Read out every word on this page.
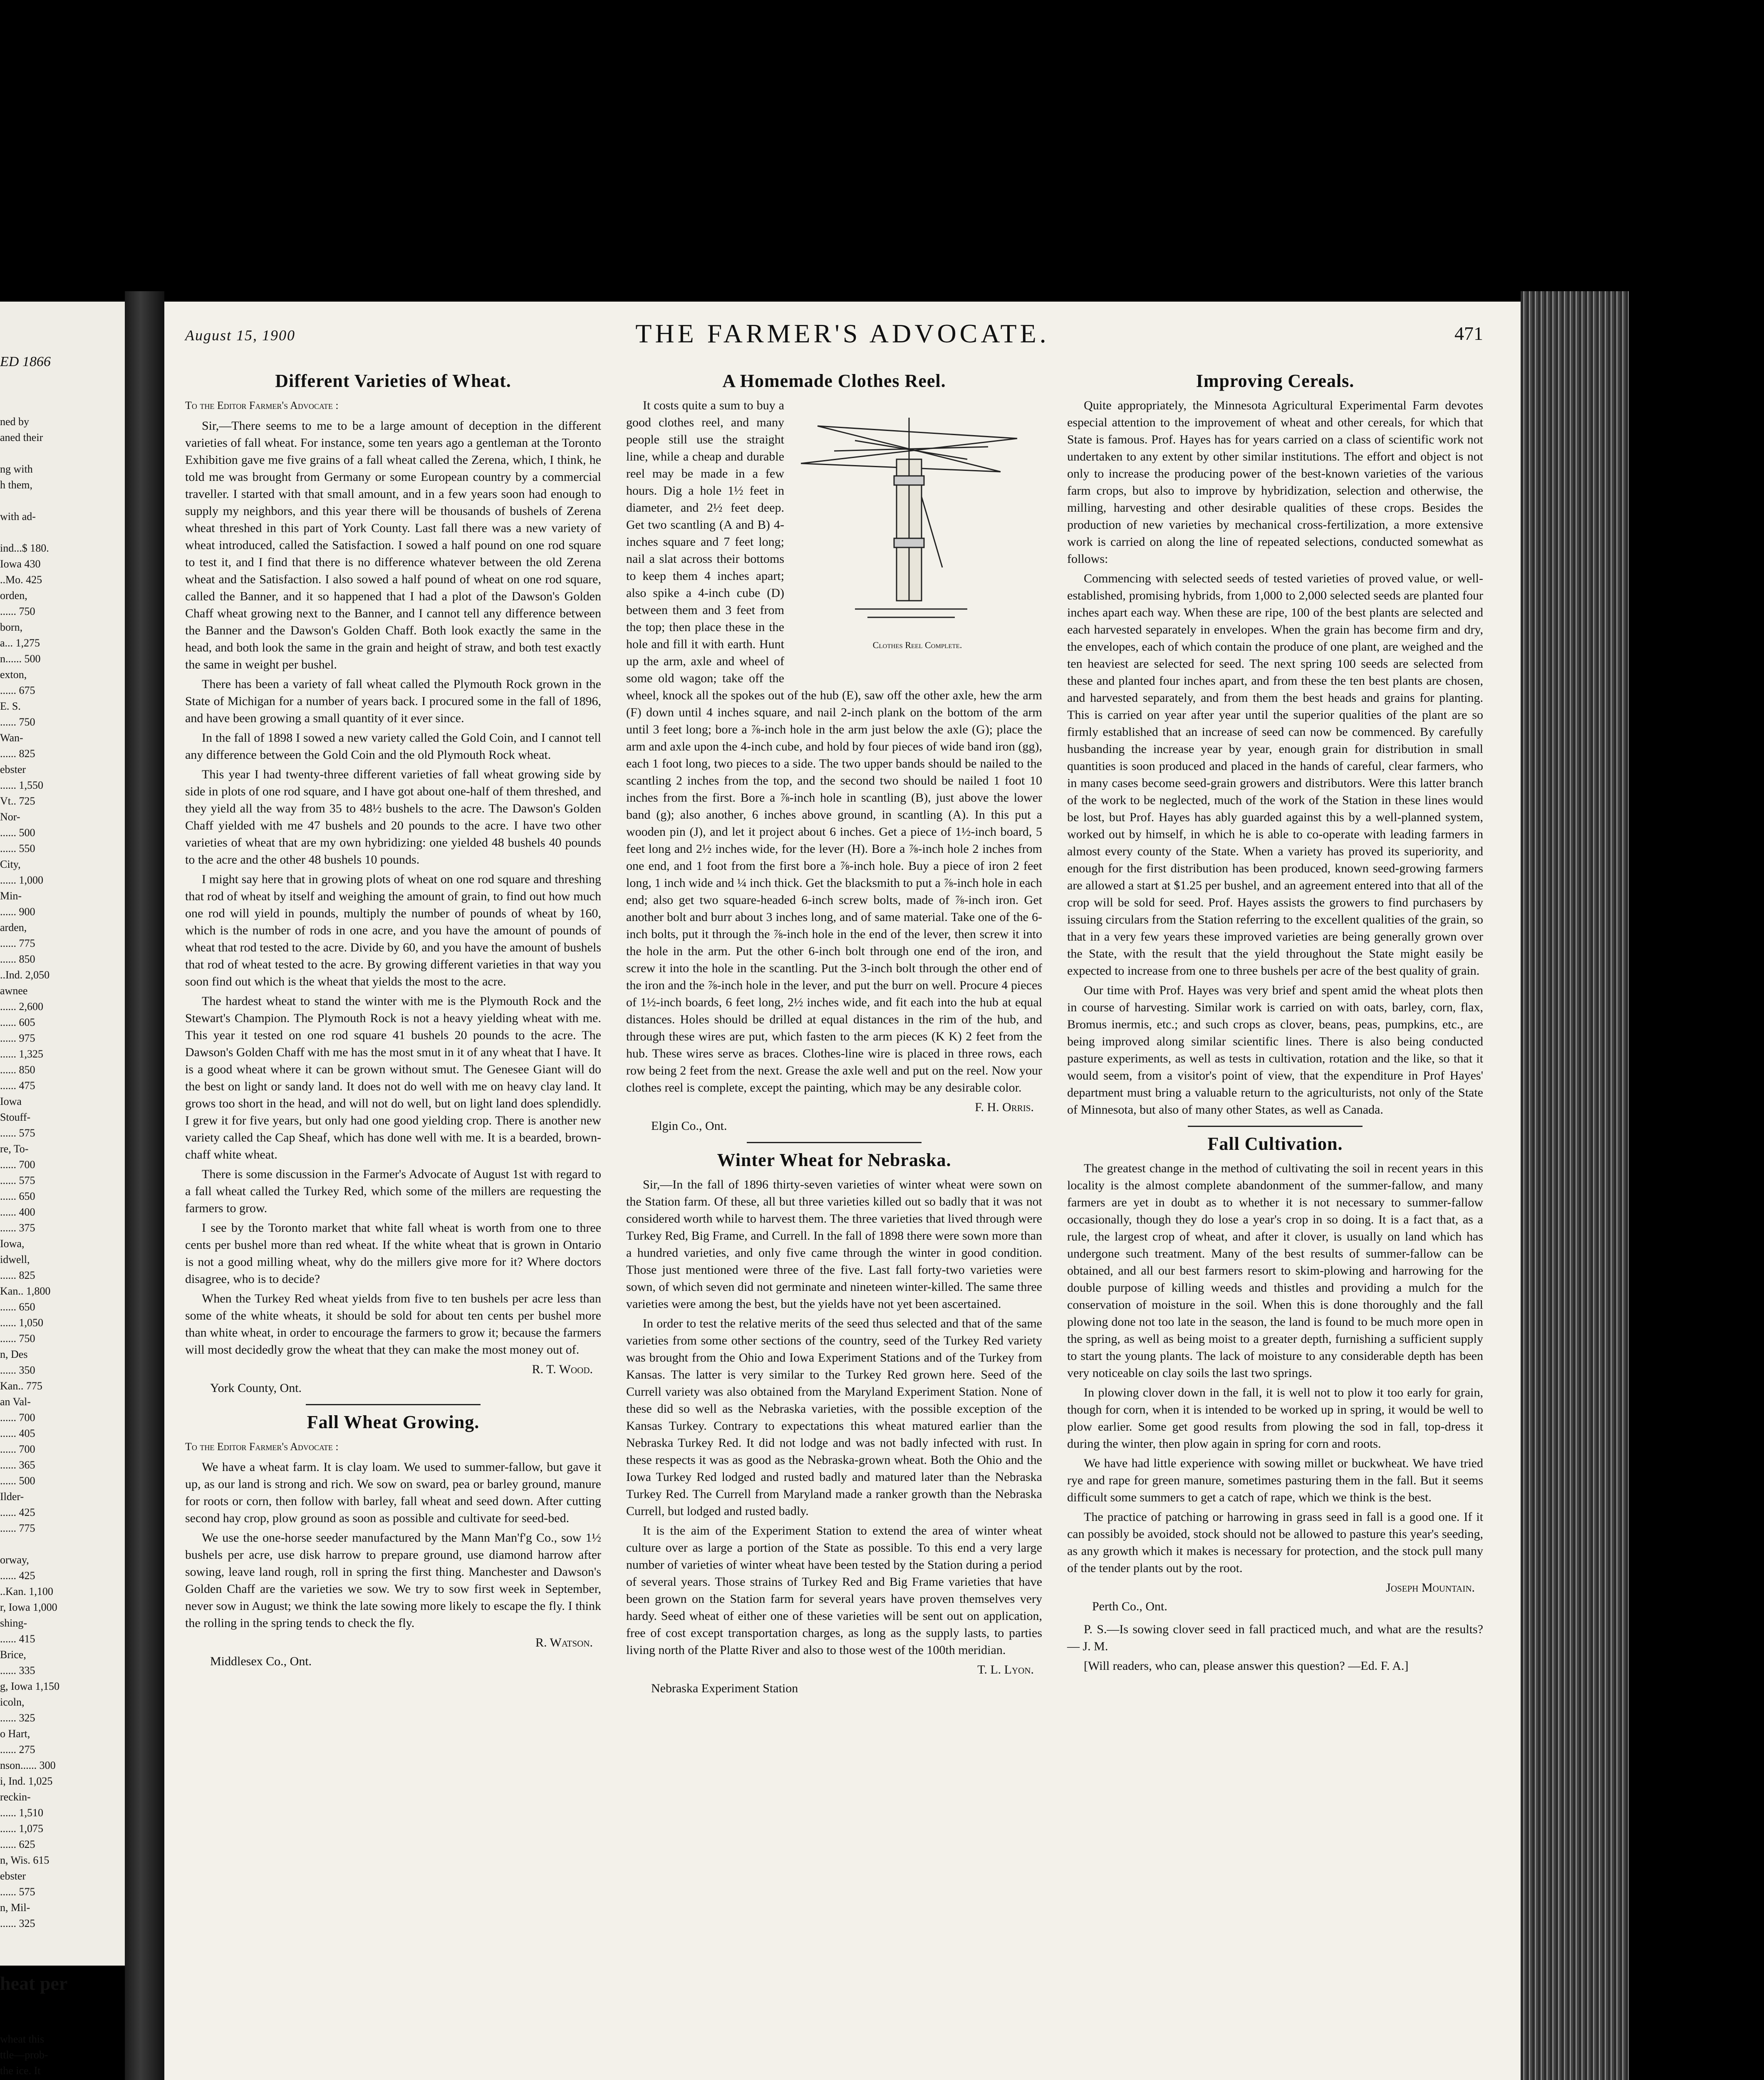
ED 1866

ned by
aned their

ng with
h them,

with ad-

ind...$ 180.
Iowa 430
..Mo. 425
orden,
...... 750
born,
a... 1,275
n...... 500
exton,
...... 675
E. S.
...... 750
Wan-
...... 825
ebster
...... 1,550
Vt.. 725
Nor-
...... 500
...... 550
City,
...... 1,000
Min-
...... 900
arden,
...... 775
...... 850
..Ind. 2,050
awnee
...... 2,600
...... 605
...... 975
...... 1,325
...... 850
...... 475
Iowa
Stouff-
...... 575
re, To-
...... 700
...... 575
...... 650
...... 400
...... 375
Iowa,
idwell,
...... 825
Kan.. 1,800
...... 650
...... 1,050
...... 750
n, Des
...... 350
Kan.. 775
an Val-
...... 700
...... 405
...... 700
...... 365
...... 500
Ilder-
...... 425
...... 775

orway,
...... 425
..Kan. 1,100
r, Iowa 1,000
shing-
...... 415
Brice,
...... 335
g, Iowa 1,150
icoln,
...... 325
o Hart,
...... 275
nson...... 300
i, Ind. 1,025
reckin-
...... 1,510
...... 1,075
...... 625
n, Wis. 615
ebster
...... 575
n, Mil-
...... 325

heat per

wheat this
ttle—prob-
the ice. It

August 15, 1900	THE FARMER'S ADVOCATE.	471
Different Varieties of Wheat.
To the Editor Farmer's Advocate :

Sir,—There seems to me to be a large amount of deception in the different varieties of fall wheat. For instance, some ten years ago a gentleman at the Toronto Exhibition gave me five grains of a fall wheat called the Zerena, which, I think, he told me was brought from Germany or some European country by a commercial traveller. I started with that small amount, and in a few years soon had enough to supply my neighbors, and this year there will be thousands of bushels of Zerena wheat threshed in this part of York County. Last fall there was a new variety of wheat introduced, called the Satisfaction. I sowed a half pound on one rod square to test it, and I find that there is no difference whatever between the old Zerena wheat and the Satisfaction. I also sowed a half pound of wheat on one rod square, called the Banner, and it so happened that I had a plot of the Dawson's Golden Chaff wheat growing next to the Banner, and I cannot tell any difference between the Banner and the Dawson's Golden Chaff. Both look exactly the same in the head, and both look the same in the grain and height of straw, and both test exactly the same in weight per bushel.

There has been a variety of fall wheat called the Plymouth Rock grown in the State of Michigan for a number of years back. I procured some in the fall of 1896, and have been growing a small quantity of it ever since.

In the fall of 1898 I sowed a new variety called the Gold Coin, and I cannot tell any difference between the Gold Coin and the old Plymouth Rock wheat.

This year I had twenty-three different varieties of fall wheat growing side by side in plots of one rod square, and I have got about one-half of them threshed, and they yield all the way from 35 to 48½ bushels to the acre. The Dawson's Golden Chaff yielded with me 47 bushels and 20 pounds to the acre. I have two other varieties of wheat that are my own hybridizing: one yielded 48 bushels 40 pounds to the acre and the other 48 bushels 10 pounds.

I might say here that in growing plots of wheat on one rod square and threshing that rod of wheat by itself and weighing the amount of grain, to find out how much one rod will yield in pounds, multiply the number of pounds of wheat by 160, which is the number of rods in one acre, and you have the amount of pounds of wheat that rod tested to the acre. Divide by 60, and you have the amount of bushels that rod of wheat tested to the acre. By growing different varieties in that way you soon find out which is the wheat that yields the most to the acre.

The hardest wheat to stand the winter with me is the Plymouth Rock and the Stewart's Champion. The Plymouth Rock is not a heavy yielding wheat with me. This year it tested on one rod square 41 bushels 20 pounds to the acre. The Dawson's Golden Chaff with me has the most smut in it of any wheat that I have. It is a good wheat where it can be grown without smut. The Genesee Giant will do the best on light or sandy land. It does not do well with me on heavy clay land. It grows too short in the head, and will not do well, but on light land does splendidly. I grew it for five years, but only had one good yielding crop. There is another new variety called the Cap Sheaf, which has done well with me. It is a bearded, brown-chaff white wheat.

There is some discussion in the Farmer's Advocate of August 1st with regard to a fall wheat called the Turkey Red, which some of the millers are requesting the farmers to grow.

I see by the Toronto market that white fall wheat is worth from one to three cents per bushel more than red wheat. If the white wheat that is grown in Ontario is not a good milling wheat, why do the millers give more for it? Where doctors disagree, who is to decide?

When the Turkey Red wheat yields from five to ten bushels per acre less than some of the white wheats, it should be sold for about ten cents per bushel more than white wheat, in order to encourage the farmers to grow it; because the farmers will most decidedly grow the wheat that they can make the most money out of.

R. T. Wood.
York County, Ont.
Fall Wheat Growing.
To the Editor Farmer's Advocate :

We have a wheat farm. It is clay loam. We used to summer-fallow, but gave it up, as our land is strong and rich. We sow on sward, pea or barley ground, manure for roots or corn, then follow with barley, fall wheat and seed down. After cutting second hay crop, plow ground as soon as possible and cultivate for seed-bed.

We use the one-horse seeder manufactured by the Mann Man'f'g Co., sow 1½ bushels per acre, use disk harrow to prepare ground, use diamond harrow after sowing, leave land rough, roll in spring the first thing. Manchester and Dawson's Golden Chaff are the varieties we sow. We try to sow first week in September, never sow in August; we think the late sowing more likely to escape the fly. I think the rolling in the spring tends to check the fly.

R. Watson.
Middlesex Co., Ont.
A Homemade Clothes Reel.
Clothes Reel Complete.

It costs quite a sum to buy a good clothes reel, and many people still use the straight line, while a cheap and durable reel may be made in a few hours. Dig a hole 1½ feet in diameter, and 2½ feet deep. Get two scantling (A and B) 4-inches square and 7 feet long; nail a slat across their bottoms to keep them 4 inches apart; also spike a 4-inch cube (D) between them and 3 feet from the top; then place these in the hole and fill it with earth. Hunt up the arm, axle and wheel of some old wagon; take off the wheel, knock all the spokes out of the hub (E), saw off the other axle, hew the arm (F) down until 4 inches square, and nail 2-inch plank on the bottom of the arm until 3 feet long; bore a ⅞-inch hole in the arm just below the axle (G); place the arm and axle upon the 4-inch cube, and hold by four pieces of wide band iron (gg), each 1 foot long, two pieces to a side. The two upper bands should be nailed to the scantling 2 inches from the top, and the second two should be nailed 1 foot 10 inches from the first. Bore a ⅞-inch hole in scantling (B), just above the lower band (g); also another, 6 inches above ground, in scantling (A). In this put a wooden pin (J), and let it project about 6 inches. Get a piece of 1½-inch board, 5 feet long and 2½ inches wide, for the lever (H). Bore a ⅞-inch hole 2 inches from one end, and 1 foot from the first bore a ⅞-inch hole. Buy a piece of iron 2 feet long, 1 inch wide and ¼ inch thick. Get the blacksmith to put a ⅞-inch hole in each end; also get two square-headed 6-inch screw bolts, made of ⅞-inch iron. Get another bolt and burr about 3 inches long, and of same material. Take one of the 6-inch bolts, put it through the ⅞-inch hole in the end of the lever, then screw it into the hole in the arm. Put the other 6-inch bolt through one end of the iron, and screw it into the hole in the scantling. Put the 3-inch bolt through the other end of the iron and the ⅞-inch hole in the lever, and put the burr on well. Procure 4 pieces of 1½-inch boards, 6 feet long, 2½ inches wide, and fit each into the hub at equal distances. Holes should be drilled at equal distances in the rim of the hub, and through these wires are put, which fasten to the arm pieces (K K) 2 feet from the hub. These wires serve as braces. Clothes-line wire is placed in three rows, each row being 2 feet from the next. Grease the axle well and put on the reel. Now your clothes reel is complete, except the painting, which may be any desirable color.

F. H. Orris.
Elgin Co., Ont.
Winter Wheat for Nebraska.

Sir,—In the fall of 1896 thirty-seven varieties of winter wheat were sown on the Station farm. Of these, all but three varieties killed out so badly that it was not considered worth while to harvest them. The three varieties that lived through were Turkey Red, Big Frame, and Currell. In the fall of 1898 there were sown more than a hundred varieties, and only five came through the winter in good condition. Those just mentioned were three of the five. Last fall forty-two varieties were sown, of which seven did not germinate and nineteen winter-killed. The same three varieties were among the best, but the yields have not yet been ascertained.

In order to test the relative merits of the seed thus selected and that of the same varieties from some other sections of the country, seed of the Turkey Red variety was brought from the Ohio and Iowa Experiment Stations and of the Turkey from Kansas. The latter is very similar to the Turkey Red grown here. Seed of the Currell variety was also obtained from the Maryland Experiment Station. None of these did so well as the Nebraska varieties, with the possible exception of the Kansas Turkey. Contrary to expectations this wheat matured earlier than the Nebraska Turkey Red. It did not lodge and was not badly infected with rust. In these respects it was as good as the Nebraska-grown wheat. Both the Ohio and the Iowa Turkey Red lodged and rusted badly and matured later than the Nebraska Turkey Red. The Currell from Maryland made a ranker growth than the Nebraska Currell, but lodged and rusted badly.

It is the aim of the Experiment Station to extend the area of winter wheat culture over as large a portion of the State as possible. To this end a very large number of varieties of winter wheat have been tested by the Station during a period of several years. Those strains of Turkey Red and Big Frame varieties that have been grown on the Station farm for several years have proven themselves very hardy. Seed wheat of either one of these varieties will be sent out on application, free of cost except transportation charges, as long as the supply lasts, to parties living north of the Platte River and also to those west of the 100th meridian.

T. L. Lyon.
Nebraska Experiment Station
Improving Cereals.

Quite appropriately, the Minnesota Agricultural Experimental Farm devotes especial attention to the improvement of wheat and other cereals, for which that State is famous. Prof. Hayes has for years carried on a class of scientific work not undertaken to any extent by other similar institutions. The effort and object is not only to increase the producing power of the best-known varieties of the various farm crops, but also to improve by hybridization, selection and otherwise, the milling, harvesting and other desirable qualities of these crops. Besides the production of new varieties by mechanical cross-fertilization, a more extensive work is carried on along the line of repeated selections, conducted somewhat as follows:

Commencing with selected seeds of tested varieties of proved value, or well-established, promising hybrids, from 1,000 to 2,000 selected seeds are planted four inches apart each way. When these are ripe, 100 of the best plants are selected and each harvested separately in envelopes. When the grain has become firm and dry, the envelopes, each of which contain the produce of one plant, are weighed and the ten heaviest are selected for seed. The next spring 100 seeds are selected from these and planted four inches apart, and from these the ten best plants are chosen, and harvested separately, and from them the best heads and grains for planting. This is carried on year after year until the superior qualities of the plant are so firmly established that an increase of seed can now be commenced. By carefully husbanding the increase year by year, enough grain for distribution in small quantities is soon produced and placed in the hands of careful, clear farmers, who in many cases become seed-grain growers and distributors. Were this latter branch of the work to be neglected, much of the work of the Station in these lines would be lost, but Prof. Hayes has ably guarded against this by a well-planned system, worked out by himself, in which he is able to co-operate with leading farmers in almost every county of the State. When a variety has proved its superiority, and enough for the first distribution has been produced, known seed-growing farmers are allowed a start at $1.25 per bushel, and an agreement entered into that all of the crop will be sold for seed. Prof. Hayes assists the growers to find purchasers by issuing circulars from the Station referring to the excellent qualities of the grain, so that in a very few years these improved varieties are being generally grown over the State, with the result that the yield throughout the State might easily be expected to increase from one to three bushels per acre of the best quality of grain.

Our time with Prof. Hayes was very brief and spent amid the wheat plots then in course of harvesting. Similar work is carried on with oats, barley, corn, flax, Bromus inermis, etc.; and such crops as clover, beans, peas, pumpkins, etc., are being improved along similar scientific lines. There is also being conducted pasture experiments, as well as tests in cultivation, rotation and the like, so that it would seem, from a visitor's point of view, that the expenditure in Prof Hayes' department must bring a valuable return to the agriculturists, not only of the State of Minnesota, but also of many other States, as well as Canada.

Fall Cultivation.

The greatest change in the method of cultivating the soil in recent years in this locality is the almost complete abandonment of the summer-fallow, and many farmers are yet in doubt as to whether it is not necessary to summer-fallow occasionally, though they do lose a year's crop in so doing. It is a fact that, as a rule, the largest crop of wheat, and after it clover, is usually on land which has undergone such treatment. Many of the best results of summer-fallow can be obtained, and all our best farmers resort to skim-plowing and harrowing for the double purpose of killing weeds and thistles and providing a mulch for the conservation of moisture in the soil. When this is done thoroughly and the fall plowing done not too late in the season, the land is found to be much more open in the spring, as well as being moist to a greater depth, furnishing a sufficient supply to start the young plants. The lack of moisture to any considerable depth has been very noticeable on clay soils the last two springs.

In plowing clover down in the fall, it is well not to plow it too early for grain, though for corn, when it is intended to be worked up in spring, it would be well to plow earlier. Some get good results from plowing the sod in fall, top-dress it during the winter, then plow again in spring for corn and roots.

We have had little experience with sowing millet or buckwheat. We have tried rye and rape for green manure, sometimes pasturing them in the fall. But it seems difficult some summers to get a catch of rape, which we think is the best.

The practice of patching or harrowing in grass seed in fall is a good one. If it can possibly be avoided, stock should not be allowed to pasture this year's seeding, as any growth which it makes is necessary for protection, and the stock pull many of the tender plants out by the root.

Joseph Mountain.
Perth Co., Ont.

P. S.—Is sowing clover seed in fall practiced much, and what are the results? — J. M.

[Will readers, who can, please answer this question? —Ed. F. A.]
